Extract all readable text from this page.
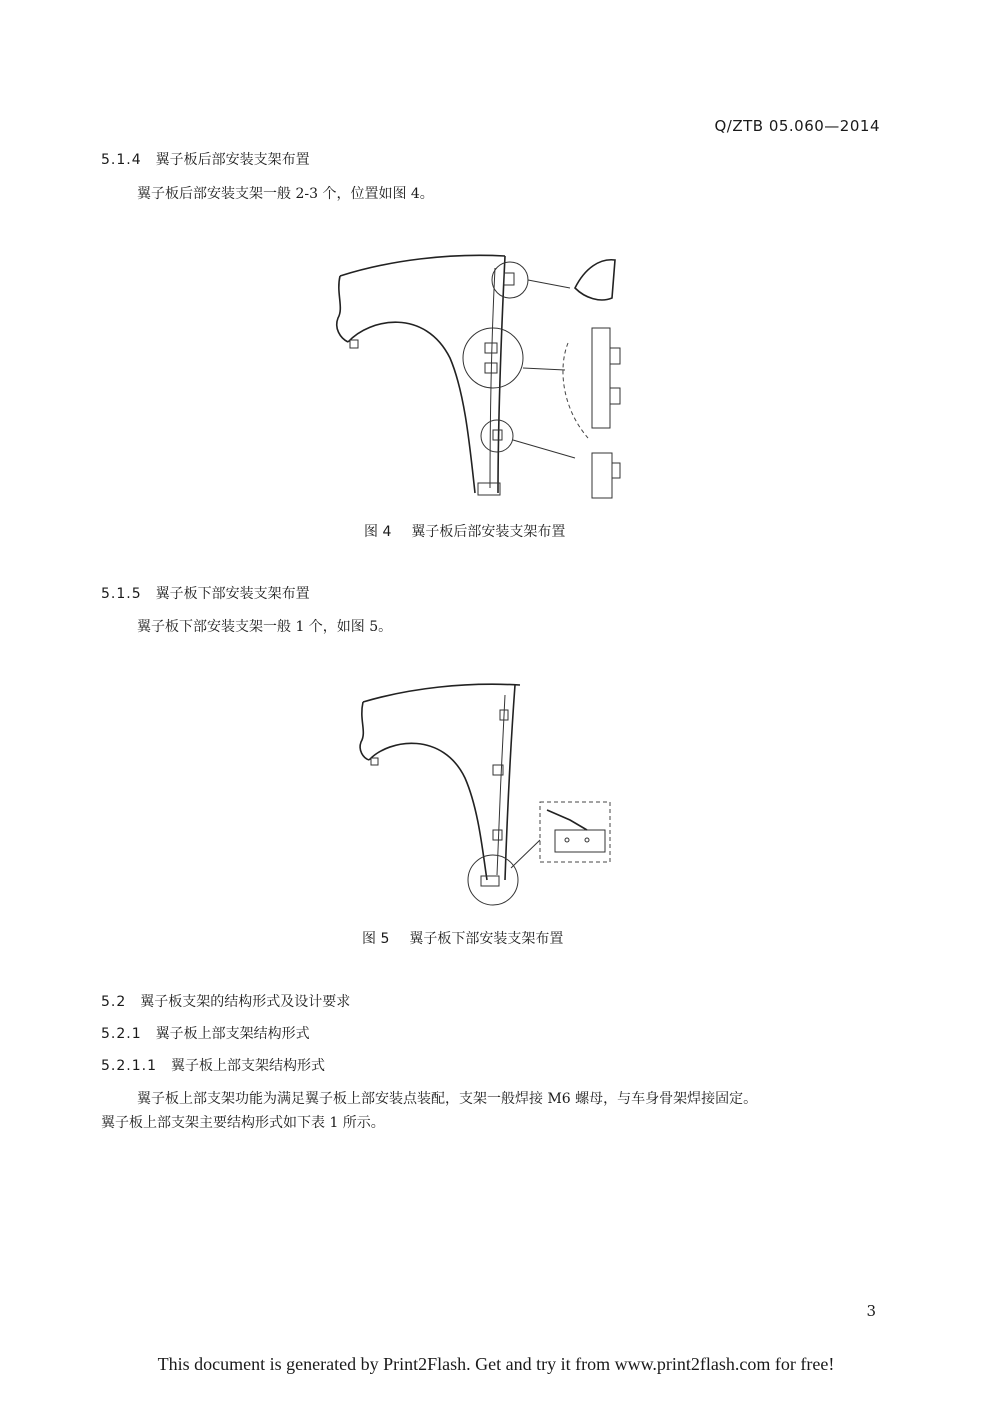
Q/ZTB 05.060—2014
5.1.4 翼子板后部安装支架布置
翼子板后部安装支架一般 2-3 个，位置如图 4。
图 4 翼子板后部安装支架布置
5.1.5 翼子板下部安装支架布置
翼子板下部安装支架一般 1 个，如图 5。
图 5 翼子板下部安装支架布置
5.2 翼子板支架的结构形式及设计要求
5.2.1 翼子板上部支架结构形式
5.2.1.1 翼子板上部支架结构形式
翼子板上部支架功能为满足翼子板上部安装点装配，支架一般焊接 M6 螺母，与车身骨架焊接固定。
翼子板上部支架主要结构形式如下表 1 所示。
3
This document is generated by Print2Flash. Get and try it from www.print2flash.com for free!
